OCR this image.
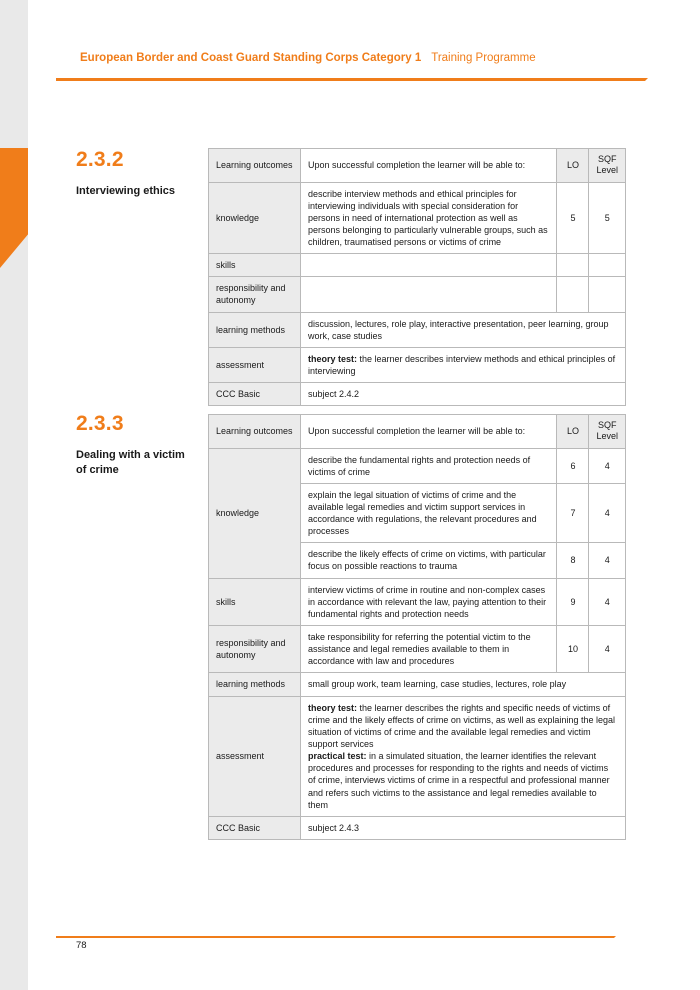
European Border and Coast Guard Standing Corps Category 1 Training Programme
2.3.2
Interviewing ethics
Learning outcomes	Upon successful completion the learner will be able to:	LO	SQF Level
knowledge	describe interview methods and ethical principles for interviewing individuals with special consideration for persons in need of international protection as well as persons belonging to particularly vulnerable groups, such as children, traumatised persons or victims of crime	5	5
skills			
responsibility and autonomy			
learning methods	discussion, lectures, role play, interactive presentation, peer learning, group work, case studies		
assessment	theory test: the learner describes interview methods and ethical principles of interviewing		
CCC Basic	subject 2.4.2		
2.3.3
Dealing with a victim of crime
Learning outcomes	Upon successful completion the learner will be able to:	LO	SQF Level
knowledge	describe the fundamental rights and protection needs of victims of crime	6	4
	explain the legal situation of victims of crime and the available legal remedies and victim support services in accordance with regulations, the relevant procedures and processes	7	4
	describe the likely effects of crime on victims, with particular focus on possible reactions to trauma	8	4
skills	interview victims of crime in routine and non-complex cases in accordance with relevant the law, paying attention to their fundamental rights and protection needs	9	4
responsibility and autonomy	take responsibility for referring the potential victim to the assistance and legal remedies available to them in accordance with law and procedures	10	4
learning methods	small group work, team learning, case studies, lectures, role play		
assessment	theory test: the learner describes the rights and specific needs of victims of crime and the likely effects of crime on victims, as well as explaining the legal situation of victims of crime and the available legal remedies and victim support services
practical test: in a simulated situation, the learner identifies the relevant procedures and processes for responding to the rights and needs of victims of crime, interviews victims of crime in a respectful and professional manner and refers such victims to the assistance and legal remedies available to them		
CCC Basic	subject 2.4.3		
78
